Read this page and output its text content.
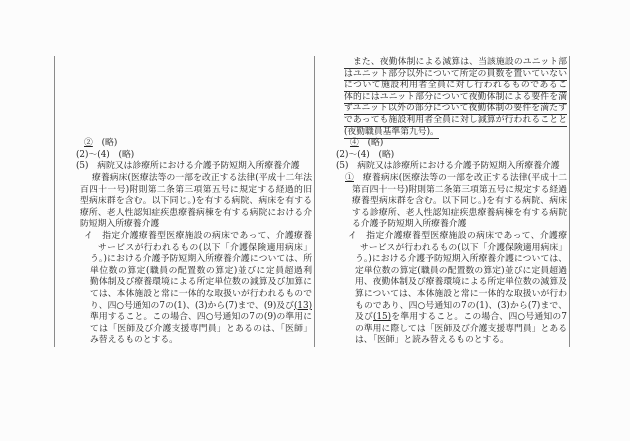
②　(略)
(2)～(4)　(略)
(5)　病院又は診療所における介護予防短期入所療養介護
療養病床(医療法等の一部を改正する法律(平成十二年法
百四十一号)附則第二条第三項第五号に規定する経過的旧
型病床群を含む。以下同じ。)を有する病院、病床を有する
療所、老人性認知症疾患療養病棟を有する病院における介
防短期入所療養介護
イ　指定介護療養型医療施設の病床であって、介護療養
サービスが行われるもの(以下「介護保険適用病床」
う。)における介護予防短期入所療養介護については、所
単位数の算定(職員の配置数の算定)並びに定員超過利
勤体制及び療養環境による所定単位数の減算及び加算に
ては、本体施設と常に一体的な取扱いが行われるもので
り、四○号通知の7の(1)、(3)から(7)まで、(9)及び(13)
準用すること。この場合、四○号通知の7の(9)の準用に
ては「医師及び介護支援専門員」とあるのは、「医師」
み替えるものとする。
　また、夜勤体制による減算は、当該施設のユニット部
はユニット部分以外について所定の員数を置いていない
について施設利用者全員に対し行われるものであるこ
体的にはユニット部分について夜勤体制による要件を満
ずユニット以外の部分について夜勤体制の要件を満たす
であっても施設利用者全員に対し減算が行われることと
(夜勤職員基準第九号)。
④　(略)
(2)～(4)　(略)
(5)　病院又は診療所における介護予防短期入所療養介護
①　療養病床(医療法等の一部を改正する法律(平成十二
第百四十一号)附則第二条第三項第五号に規定する経過
療養型病床群を含む。以下同じ。)を有する病院、病床
する診療所、老人性認知症疾患療養病棟を有する病院
る介護予防短期入所療養介護
イ　指定介護療養型医療施設の病床であって、介護療
サービスが行われるもの(以下「介護保険適用病床」
う。)における介護予防短期入所療養介護については、
定単位数の算定(職員の配置数の算定)並びに定員超過
用、夜勤体制及び療養環境による所定単位数の減算及
算については、本体施設と常に一体的な取扱いが行わ
ものであり、四○号通知の7の(1)、(3)から(7)まで、
及び(15)を準用すること。この場合、四○号通知の7
の準用に際しては「医師及び介護支援専門員」とある
は、「医師」と読み替えるものとする。
